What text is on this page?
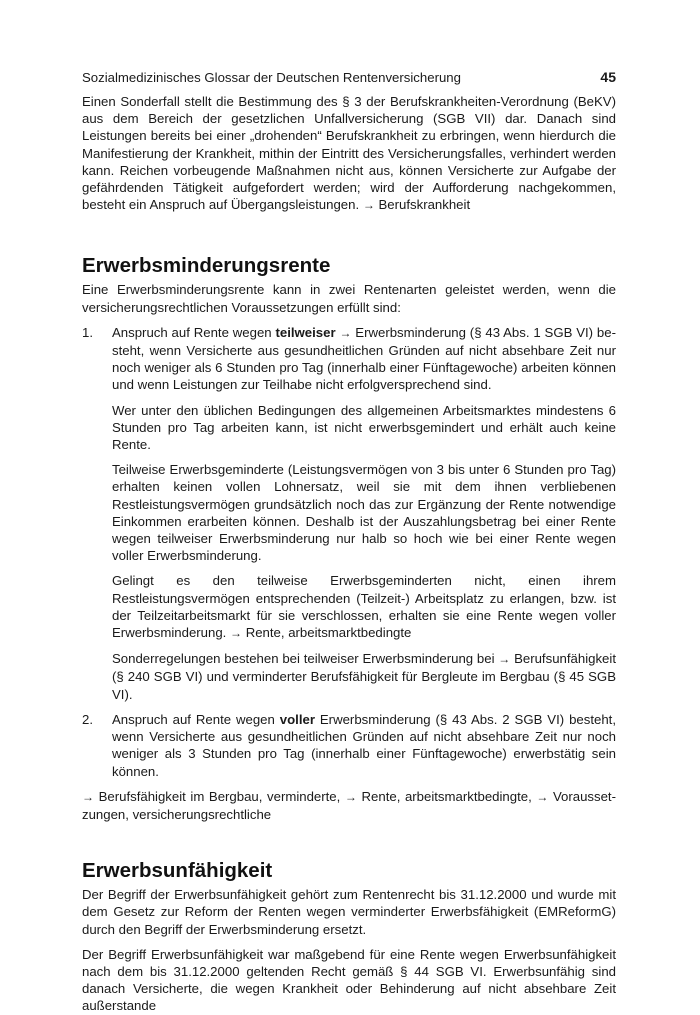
Sozialmedizinisches Glossar der Deutschen Rentenversicherung	45

Einen Sonderfall stellt die Bestimmung des § 3 der Berufskrankheiten-Verordnung (BeKV) aus dem Bereich der gesetzlichen Unfallversicherung (SGB VII) dar. Danach sind Leistungen bereits bei einer „drohenden“ Berufskrankheit zu erbringen, wenn hierdurch die Manifestierung der Krankheit, mithin der Eintritt des Versicherungsfalles, verhindert werden kann. Reichen vorbeugende Maßnahmen nicht aus, können Versicherte zur Aufgabe der gefährdenden Tätigkeit aufgefordert werden; wird der Aufforderung nachgekommen, besteht ein Anspruch auf Übergangsleistungen. → Berufskrankheit

Erwerbsminderungsrente

Eine Erwerbsminderungsrente kann in zwei Rentenarten geleistet werden, wenn die versicherungsrechtlichen Voraussetzungen erfüllt sind:

1.	Anspruch auf Rente wegen teilweiser → Erwerbsminderung (§ 43 Abs. 1 SGB VI) besteht, wenn Versicherte aus gesundheitlichen Gründen auf nicht absehbare Zeit nur noch weniger als 6 Stunden pro Tag (innerhalb einer Fünftagewoche) arbeiten können und wenn Leistungen zur Teilhabe nicht erfolgversprechend sind.

Wer unter den üblichen Bedingungen des allgemeinen Arbeitsmarktes mindestens 6 Stunden pro Tag arbeiten kann, ist nicht erwerbsgemindert und erhält auch keine Rente.

Teilweise Erwerbsgeminderte (Leistungsvermögen von 3 bis unter 6 Stunden pro Tag) erhalten keinen vollen Lohnersatz, weil sie mit dem ihnen verbliebenen Restleistungsvermögen grundsätzlich noch das zur Ergänzung der Rente notwendige Einkommen erarbeiten können. Deshalb ist der Auszahlungsbetrag bei einer Rente wegen teilweiser Erwerbsminderung nur halb so hoch wie bei einer Rente wegen voller Erwerbsminderung.

Gelingt es den teilweise Erwerbsgeminderten nicht, einen ihrem Restleistungsvermögen entsprechenden (Teilzeit-) Arbeitsplatz zu erlangen, bzw. ist der Teilzeitarbeitsmarkt für sie verschlossen, erhalten sie eine Rente wegen voller Erwerbsminderung. → Rente, arbeitsmarktbedingte

Sonderregelungen bestehen bei teilweiser Erwerbsminderung bei → Berufsunfähigkeit (§ 240 SGB VI) und verminderter Berufsfähigkeit für Bergleute im Bergbau (§ 45 SGB VI).

2.	Anspruch auf Rente wegen voller Erwerbsminderung (§ 43 Abs. 2 SGB VI) besteht, wenn Versicherte aus gesundheitlichen Gründen auf nicht absehbare Zeit nur noch weniger als 3 Stunden pro Tag (innerhalb einer Fünftagewoche) erwerbstätig sein können.

→ Berufsfähigkeit im Bergbau, verminderte, → Rente, arbeitsmarktbedingte, → Voraussetzungen, versicherungsrechtliche

Erwerbsunfähigkeit

Der Begriff der Erwerbsunfähigkeit gehört zum Rentenrecht bis 31.12.2000 und wurde mit dem Gesetz zur Reform der Renten wegen verminderter Erwerbsfähigkeit (EMReformG) durch den Begriff der Erwerbsminderung ersetzt.

Der Begriff Erwerbsunfähigkeit war maßgebend für eine Rente wegen Erwerbsunfähigkeit nach dem bis 31.12.2000 geltenden Recht gemäß § 44 SGB VI. Erwerbsunfähig sind danach Versicherte, die wegen Krankheit oder Behinderung auf nicht absehbare Zeit außerstande
